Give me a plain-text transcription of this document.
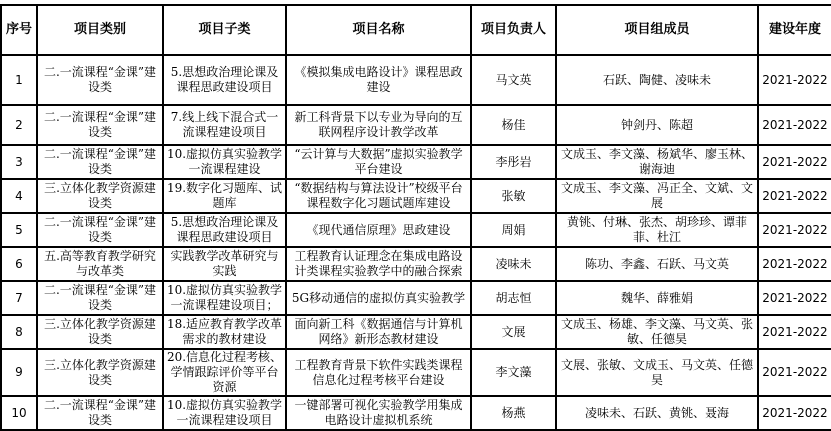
序号	项目类别	项目子类	项目名称	项目负责人	项目组成员	建设年度
1	二.一流课程“金课”建设类	5.思想政治理论课及课程思政建设项目	《模拟集成电路设计》课程思政建设	马文英	石跃、陶健、凌味未	2021-2022
2	二.一流课程“金课”建设类	7.线上线下混合式一流课程建设项目	新工科背景下以专业为导向的互联网程序设计教学改革	杨佳	钟剑丹、陈超	2021-2022
3	二.一流课程“金课”建设类	10.虚拟仿真实验教学一流课程建设	“云计算与大数据”虚拟实验教学平台建设	李彤岩	文成玉、李文藻、杨斌华、廖玉林、谢海迪	2021-2022
4	三.立体化教学资源建设类	19.数字化习题库、试题库	“数据结构与算法设计”校级平台课程数字化习题试题库建设	张敏	文成玉、李文藻、冯正全、文斌、文展	2021-2022
5	二.一流课程“金课”建设类	5.思想政治理论课及课程思政建设项目	《现代通信原理》思政建设	周娟	黄铫、付琳、张杰、胡珍珍、谭菲菲、杜江	2021-2022
6	五.高等教育教学研究与改革类	实践教学改革研究与实践	工程教育认证理念在集成电路设计类课程实验教学中的融合探索	凌味未	陈功、李鑫、石跃、马文英	2021-2022
7	二.一流课程“金课”建设类	10.虚拟仿真实验教学一流课程建设项目；	5G移动通信的虚拟仿真实验教学	胡志恒	魏华、薛雅娟	2021-2022
8	三.立体化教学资源建设类	18.适应教育教学改革需求的教材建设	面向新工科《数据通信与计算机网络》新形态教材建设	文展	文成玉、杨雄、李文藻、马文英、张敏、任德昊	2021-2022
9	三.立体化教学资源建设类	20.信息化过程考核、学情跟踪评价等平台资源	工程教育背景下软件实践类课程信息化过程考核平台建设	李文藻	文展、张敏、文成玉、马文英、任德昊	2021-2022
10	二.一流课程“金课”建设类	10.虚拟仿真实验教学一流课程建设项目	一键部署可视化实验教学用集成电路设计虚拟机系统	杨燕	凌味未、石跃、黄铫、聂海	2021-2022
